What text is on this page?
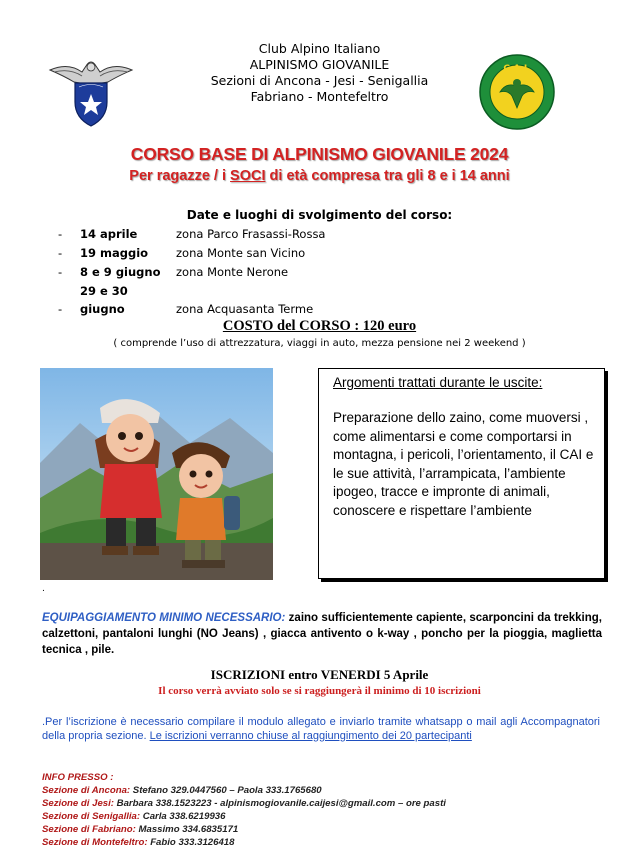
Club Alpino Italiano
ALPINISMO GIOVANILE
Sezioni di Ancona - Jesi - Senigallia
Fabriano - Montefeltro
C.A.I.
CORSO BASE DI ALPINISMO GIOVANILE 2024
Per ragazze / i SOCI di età compresa tra gli 8 e i 14 anni
Date e luoghi di svolgimento del corso:
- 14 aprile	zona Parco Frasassi-Rossa
- 19 maggio zona Monte san Vicino
- 8 e 9 giugno zona Monte Nerone
-29 e 30 giugno	zona Acquasanta Terme
COSTO del CORSO : 120 euro
( comprende l’uso di attrezzatura, viaggi in auto, mezza pensione nei 2 weekend )
Argomenti trattati durante le uscite:
Preparazione dello zaino, come muoversi , come alimentarsi e come comportarsi in montagna, i pericoli, l’orientamento, il CAI e le sue attività, l’arrampicata, l’ambiente ipogeo, tracce e impronte di animali, conoscere e rispettare l’ambiente
.
EQUIPAGGIAMENTO MINIMO NECESSARIO: zaino sufficientemente capiente, scarponcini da trekking, calzettoni, pantaloni lunghi (NO Jeans) , giacca antivento o k-way , poncho per la pioggia, maglietta tecnica , pile.
ISCRIZIONI entro VENERDI 5 Aprile
Il corso verrà avviato solo se si raggiungerà il minimo di 10 iscrizioni
.Per l’iscrizione è necessario compilare il modulo allegato e inviarlo tramite whatsapp o mail agli Accompagnatori della propria sezione. Le iscrizioni verranno chiuse al raggiungimento dei 20 partecipanti
INFO PRESSO :
Sezione di Ancona: Stefano 329.0447560 – Paola 333.1765680
Sezione di Jesi: Barbara 338.1523223 - alpinismogiovanile.caijesi@gmail.com – ore pasti
Sezione di Senigallia: Carla 338.6219936
Sezione di Fabriano: Massimo 334.6835171
Sezione di Montefeltro: Fabio 333.3126418
